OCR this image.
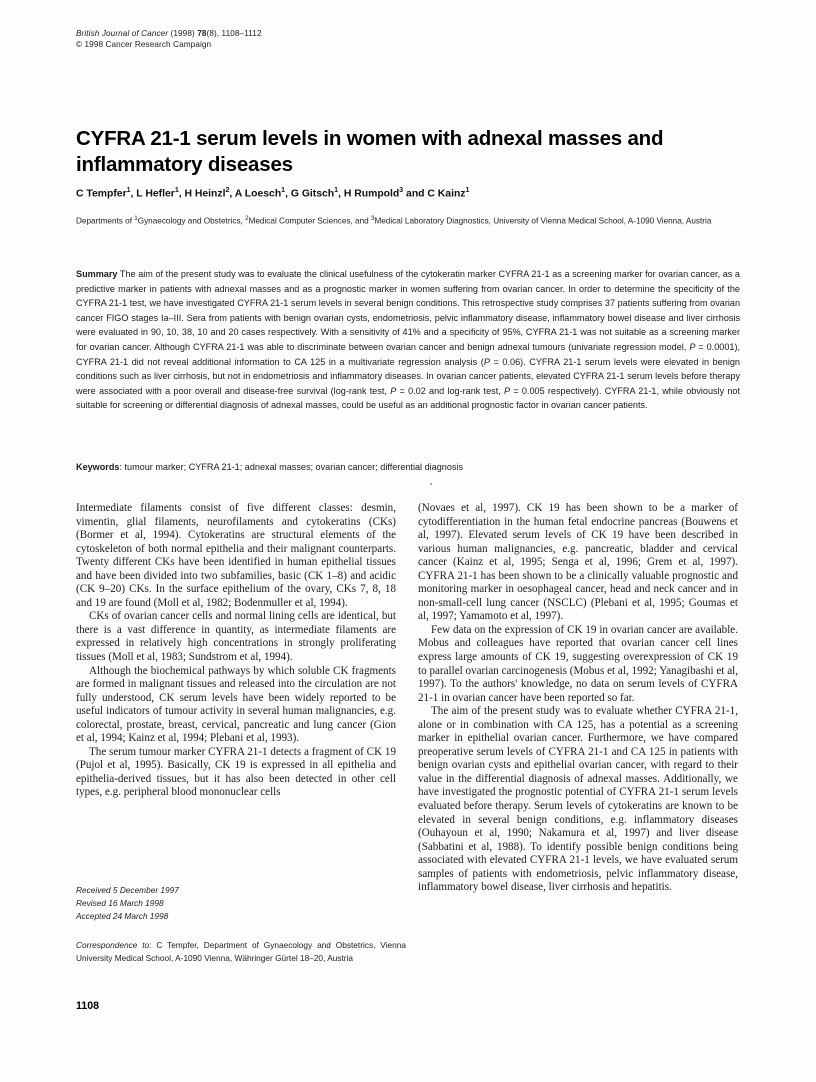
British Journal of Cancer (1998) 78(8), 1108–1112
© 1998 Cancer Research Campaign
CYFRA 21-1 serum levels in women with adnexal masses and inflammatory diseases
C Tempfer$^1$, L Hefler$^1$, H Heinzl$^2$, A Loesch$^1$, G Gitsch$^1$, H Rumpold$^3$ and C Kainz$^1$
Departments of $^1$Gynaecology and Obstetrics, $^2$Medical Computer Sciences, and $^3$Medical Laboratory Diagnostics, University of Vienna Medical School, A-1090 Vienna, Austria
Summary The aim of the present study was to evaluate the clinical usefulness of the cytokeratin marker CYFRA 21-1 as a screening marker for ovarian cancer, as a predictive marker in patients with adnexal masses and as a prognostic marker in women suffering from ovarian cancer. In order to determine the specificity of the CYFRA 21-1 test, we have investigated CYFRA 21-1 serum levels in several benign conditions. This retrospective study comprises 37 patients suffering from ovarian cancer FIGO stages Ia–III. Sera from patients with benign ovarian cysts, endometriosis, pelvic inflammatory disease, inflammatory bowel disease and liver cirrhosis were evaluated in 90, 10, 38, 10 and 20 cases respectively. With a sensitivity of 41% and a specificity of 95%, CYFRA 21-1 was not suitable as a screening marker for ovarian cancer. Although CYFRA 21-1 was able to discriminate between ovarian cancer and benign adnexal tumours (univariate regression model, P = 0.0001), CYFRA 21-1 did not reveal additional information to CA 125 in a multivariate regression analysis (P = 0.06). CYFRA 21-1 serum levels were elevated in benign conditions such as liver cirrhosis, but not in endometriosis and inflammatory diseases. In ovarian cancer patients, elevated CYFRA 21-1 serum levels before therapy were associated with a poor overall and disease-free survival (log-rank test, P = 0.02 and log-rank test, P = 0.005 respectively). CYFRA 21-1, while obviously not suitable for screening or differential diagnosis of adnexal masses, could be useful as an additional prognostic factor in ovarian cancer patients.
Keywords: tumour marker; CYFRA 21-1; adnexal masses; ovarian cancer; differential diagnosis

Intermediate filaments consist of five different classes: desmin, vimentin, glial filaments, neurofilaments and cytokeratins (CKs) (Bormer et al, 1994). Cytokeratins are structural elements of the cytoskeleton of both normal epithelia and their malignant counterparts. Twenty different CKs have been identified in human epithelial tissues and have been divided into two subfamilies, basic (CK 1–8) and acidic (CK 9–20) CKs. In the surface epithelium of the ovary, CKs 7, 8, 18 and 19 are found (Moll et al, 1982; Bodenmuller et al, 1994).

CKs of ovarian cancer cells and normal lining cells are identical, but there is a vast difference in quantity, as intermediate filaments are expressed in relatively high concentrations in strongly proliferating tissues (Moll et al, 1983; Sundstrom et al, 1994).

Although the biochemical pathways by which soluble CK fragments are formed in malignant tissues and released into the circulation are not fully understood, CK serum levels have been widely reported to be useful indicators of tumour activity in several human malignancies, e.g. colorectal, prostate, breast, cervical, pancreatic and lung cancer (Gion et al, 1994; Kainz et al, 1994; Plebani et al, 1993).

The serum tumour marker CYFRA 21-1 detects a fragment of CK 19 (Pujol et al, 1995). Basically, CK 19 is expressed in all epithelia and epithelia-derived tissues, but it has also been detected in other cell types, e.g. peripheral blood mononuclear cells

(Novaes et al, 1997). CK 19 has been shown to be a marker of cytodifferentiation in the human fetal endocrine pancreas (Bouwens et al, 1997). Elevated serum levels of CK 19 have been described in various human malignancies, e.g. pancreatic, bladder and cervical cancer (Kainz et al, 1995; Senga et al, 1996; Grem et al, 1997). CYFRA 21-1 has been shown to be a clinically valuable prognostic and monitoring marker in oesophageal cancer, head and neck cancer and in non-small-cell lung cancer (NSCLC) (Plebani et al, 1995; Goumas et al, 1997; Yamamoto et al, 1997).

Few data on the expression of CK 19 in ovarian cancer are available. Mobus and colleagues have reported that ovarian cancer cell lines express large amounts of CK 19, suggesting overexpression of CK 19 to parallel ovarian carcinogenesis (Mobus et al, 1992; Yanagibashi et al, 1997). To the authors' knowledge, no data on serum levels of CYFRA 21-1 in ovarian cancer have been reported so far.

The aim of the present study was to evaluate whether CYFRA 21-1, alone or in combination with CA 125, has a potential as a screening marker in epithelial ovarian cancer. Furthermore, we have compared preoperative serum levels of CYFRA 21-1 and CA 125 in patients with benign ovarian cysts and epithelial ovarian cancer, with regard to their value in the differential diagnosis of adnexal masses. Additionally, we have investigated the prognostic potential of CYFRA 21-1 serum levels evaluated before therapy. Serum levels of cytokeratins are known to be elevated in several benign conditions, e.g. inflammatory diseases (Ouhayoun et al, 1990; Nakamura et al, 1997) and liver disease (Sabbatini et al, 1988). To identify possible benign conditions being associated with elevated CYFRA 21-1 levels, we have evaluated serum samples of patients with endometriosis, pelvic inflammatory disease, inflammatory bowel disease, liver cirrhosis and hepatitis.

Received 5 December 1997
Revised 16 March 1998
Accepted 24 March 1998
Correspondence to: C Tempfer, Department of Gynaecology and Obstetrics, Vienna University Medical School, A-1090 Vienna, Währinger Gürtel 18–20, Austria
1108
